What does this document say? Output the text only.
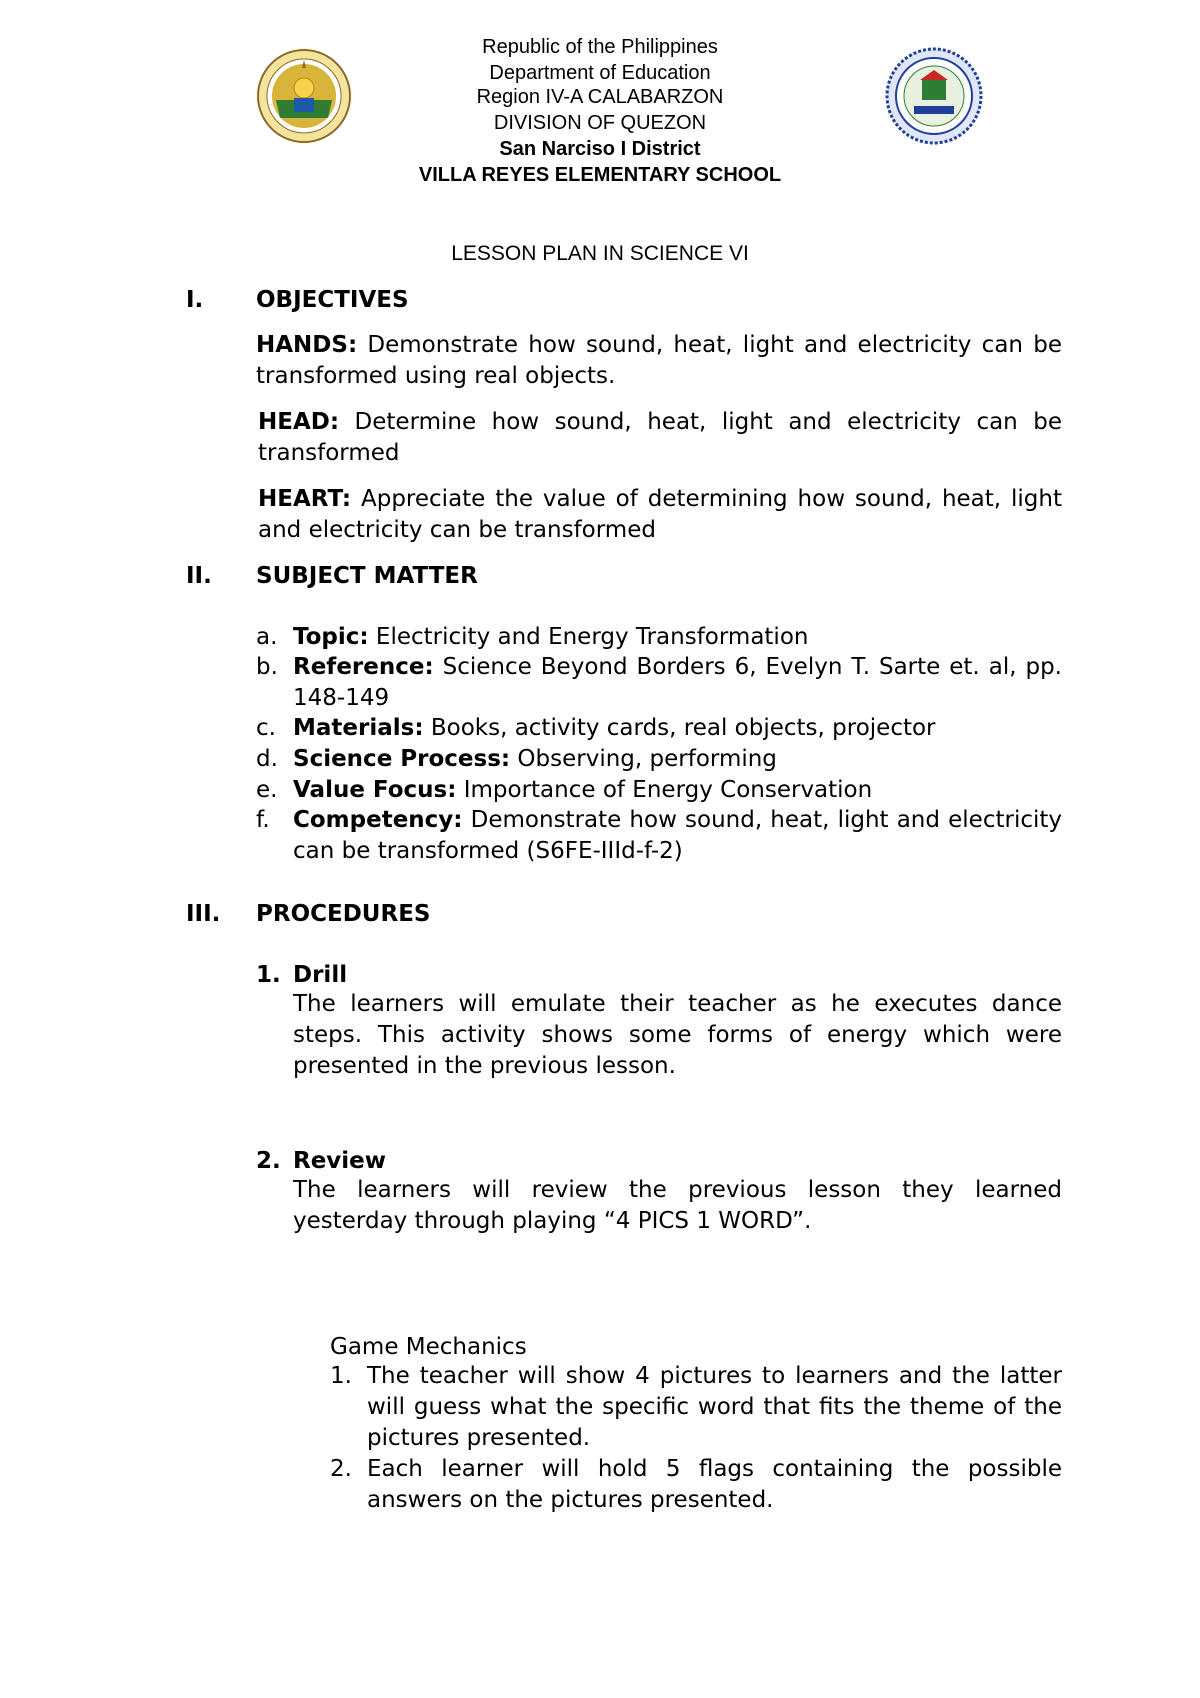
Republic of the Philippines
Department of Education
Region IV-A CALABARZON
DIVISION OF QUEZON
San Narciso I District
VILLA REYES ELEMENTARY SCHOOL
LESSON PLAN IN SCIENCE VI
I. OBJECTIVES

HANDS: Demonstrate how sound, heat, light and electricity can be transformed using real objects.

HEAD: Determine how sound, heat, light and electricity can be transformed

HEART: Appreciate the value of determining how sound, heat, light and electricity can be transformed

II. SUBJECT MATTER
a. Topic: Electricity and Energy Transformation
b. Reference: Science Beyond Borders 6, Evelyn T. Sarte et. al, pp. 148-149
c. Materials: Books, activity cards, real objects, projector
d. Science Process: Observing, performing
e. Value Focus: Importance of Energy Conservation
f. Competency: Demonstrate how sound, heat, light and electricity can be transformed (S6FE-IIId-f-2)
III. PROCEDURES
1. Drill

The learners will emulate their teacher as he executes dance steps. This activity shows some forms of energy which were presented in the previous lesson.

2. Review

The learners will review the previous lesson they learned yesterday through playing “4 PICS 1 WORD”.

Game Mechanics
1. The teacher will show 4 pictures to learners and the latter will guess what the specific word that fits the theme of the pictures presented.
2. Each learner will hold 5 flags containing the possible answers on the pictures presented.
